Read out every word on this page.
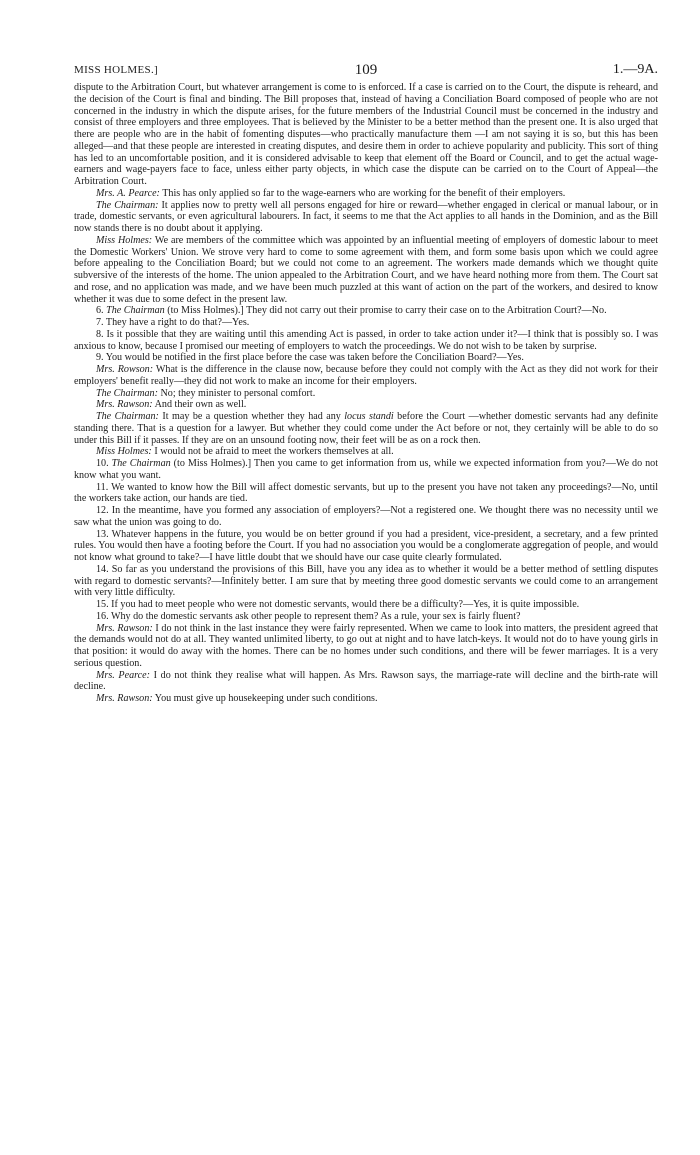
MISS HOLMES.]	109	1.—9A.

dispute to the Arbitration Court, but whatever arrangement is come to is enforced. If a case is carried on to the Court, the dispute is reheard, and the decision of the Court is final and binding. The Bill proposes that, instead of having a Conciliation Board composed of people who are not concerned in the industry in which the dispute arises, for the future members of the Industrial Council must be concerned in the industry and consist of three employers and three employees. That is believed by the Minister to be a better method than the present one. It is also urged that there are people who are in the habit of fomenting disputes—who practically manufacture them —I am not saying it is so, but this has been alleged—and that these people are interested in creating disputes, and desire them in order to achieve popularity and publicity. This sort of thing has led to an uncomfortable position, and it is considered advisable to keep that element off the Board or Council, and to get the actual wage-earners and wage-payers face to face, unless either party objects, in which case the dispute can be carried on to the Court of Appeal—the Arbitration Court.

Mrs. A. Pearce: This has only applied so far to the wage-earners who are working for the benefit of their employers.

The Chairman: It applies now to pretty well all persons engaged for hire or reward—whether engaged in clerical or manual labour, or in trade, domestic servants, or even agricultural labourers. In fact, it seems to me that the Act applies to all hands in the Dominion, and as the Bill now stands there is no doubt about it applying.

Miss Holmes: We are members of the committee which was appointed by an influential meeting of employers of domestic labour to meet the Domestic Workers' Union. We strove very hard to come to some agreement with them, and form some basis upon which we could agree before appealing to the Conciliation Board; but we could not come to an agreement. The workers made demands which we thought quite subversive of the interests of the home. The union appealed to the Arbitration Court, and we have heard nothing more from them. The Court sat and rose, and no application was made, and we have been much puzzled at this want of action on the part of the workers, and desired to know whether it was due to some defect in the present law.

6. The Chairman (to Miss Holmes).] They did not carry out their promise to carry their case on to the Arbitration Court?—No.

7. They have a right to do that?—Yes.

8. Is it possible that they are waiting until this amending Act is passed, in order to take action under it?—I think that is possibly so. I was anxious to know, because I promised our meeting of employers to watch the proceedings. We do not wish to be taken by surprise.

9. You would be notified in the first place before the case was taken before the Conciliation Board?—Yes.

Mrs. Rowson: What is the difference in the clause now, because before they could not comply with the Act as they did not work for their employers' benefit really—they did not work to make an income for their employers.

The Chairman: No; they minister to personal comfort.

Mrs. Rawson: And their own as well.

The Chairman: It may be a question whether they had any locus standi before the Court —whether domestic servants had any definite standing there. That is a question for a lawyer. But whether they could come under the Act before or not, they certainly will be able to do so under this Bill if it passes. If they are on an unsound footing now, their feet will be as on a rock then.

Miss Holmes: I would not be afraid to meet the workers themselves at all.

10. The Chairman (to Miss Holmes).] Then you came to get information from us, while we expected information from you?—We do not know what you want.

11. We wanted to know how the Bill will affect domestic servants, but up to the present you have not taken any proceedings?—No, until the workers take action, our hands are tied.

12. In the meantime, have you formed any association of employers?—Not a registered one. We thought there was no necessity until we saw what the union was going to do.

13. Whatever happens in the future, you would be on better ground if you had a president, vice-president, a secretary, and a few printed rules. You would then have a footing before the Court. If you had no association you would be a conglomerate aggregation of people, and would not know what ground to take?—I have little doubt that we should have our case quite clearly formulated.

14. So far as you understand the provisions of this Bill, have you any idea as to whether it would be a better method of settling disputes with regard to domestic servants?—Infinitely better. I am sure that by meeting three good domestic servants we could come to an arrangement with very little difficulty.

15. If you had to meet people who were not domestic servants, would there be a difficulty?—Yes, it is quite impossible.

16. Why do the domestic servants ask other people to represent them? As a rule, your sex is fairly fluent?

Mrs. Rawson: I do not think in the last instance they were fairly represented. When we came to look into matters, the president agreed that the demands would not do at all. They wanted unlimited liberty, to go out at night and to have latch-keys. It would not do to have young girls in that position: it would do away with the homes. There can be no homes under such conditions, and there will be fewer marriages. It is a very serious question.

Mrs. Pearce: I do not think they realise what will happen. As Mrs. Rawson says, the marriage-rate will decline and the birth-rate will decline.

Mrs. Rawson: You must give up housekeeping under such conditions.
